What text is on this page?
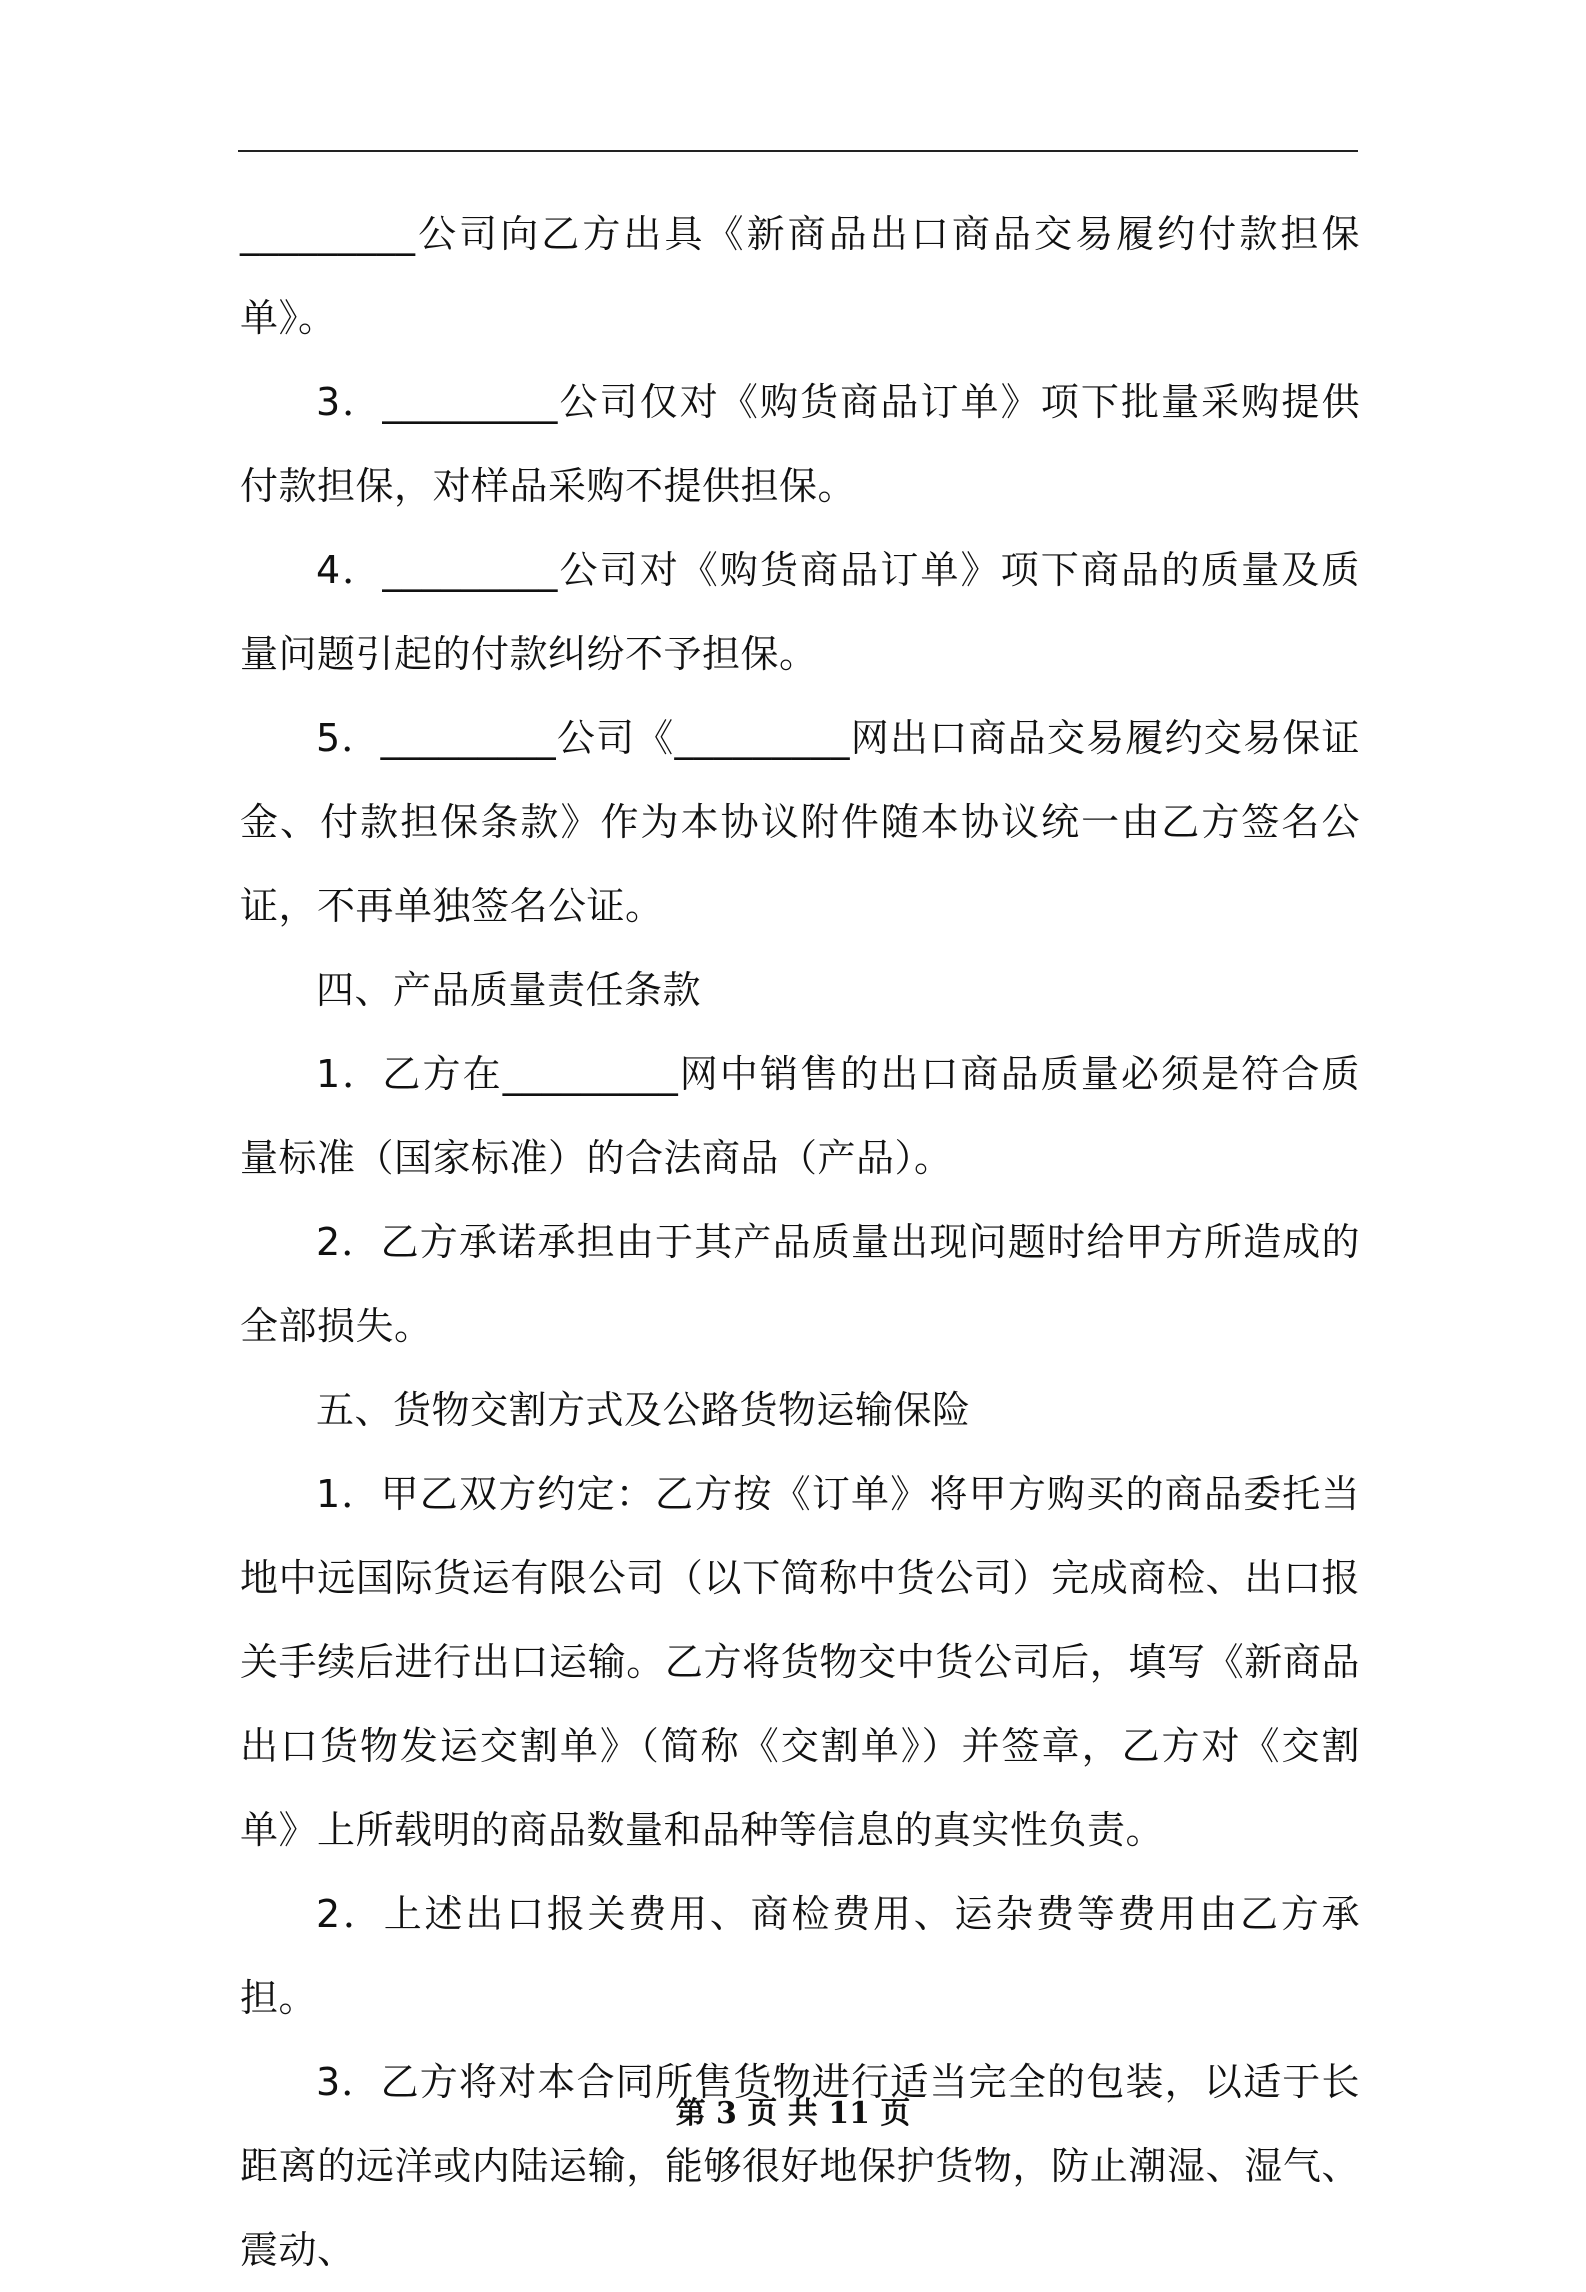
_________公司向乙方出具《新商品出口商品交易履约付款担保单》。

3．_________公司仅对《购货商品订单》项下批量采购提供付款担保，对样品采购不提供担保。

4．_________公司对《购货商品订单》项下商品的质量及质量问题引起的付款纠纷不予担保。

5．_________公司《_________网出口商品交易履约交易保证金、付款担保条款》作为本协议附件随本协议统一由乙方签名公证，不再单独签名公证。

四、产品质量责任条款

1．乙方在_________网中销售的出口商品质量必须是符合质量标准（国家标准）的合法商品（产品）。

2．乙方承诺承担由于其产品质量出现问题时给甲方所造成的全部损失。

五、货物交割方式及公路货物运输保险

1．甲乙双方约定：乙方按《订单》将甲方购买的商品委托当地中远国际货运有限公司（以下简称中货公司）完成商检、出口报关手续后进行出口运输。乙方将货物交中货公司后，填写《新商品出口货物发运交割单》（简称《交割单》）并签章，乙方对《交割单》上所载明的商品数量和品种等信息的真实性负责。

2．上述出口报关费用、商检费用、运杂费等费用由乙方承担。

3．乙方将对本合同所售货物进行适当完全的包装，以适于长距离的远洋或内陆运输，能够很好地保护货物，防止潮湿、湿气、震动、

第 3 页 共 11 页
